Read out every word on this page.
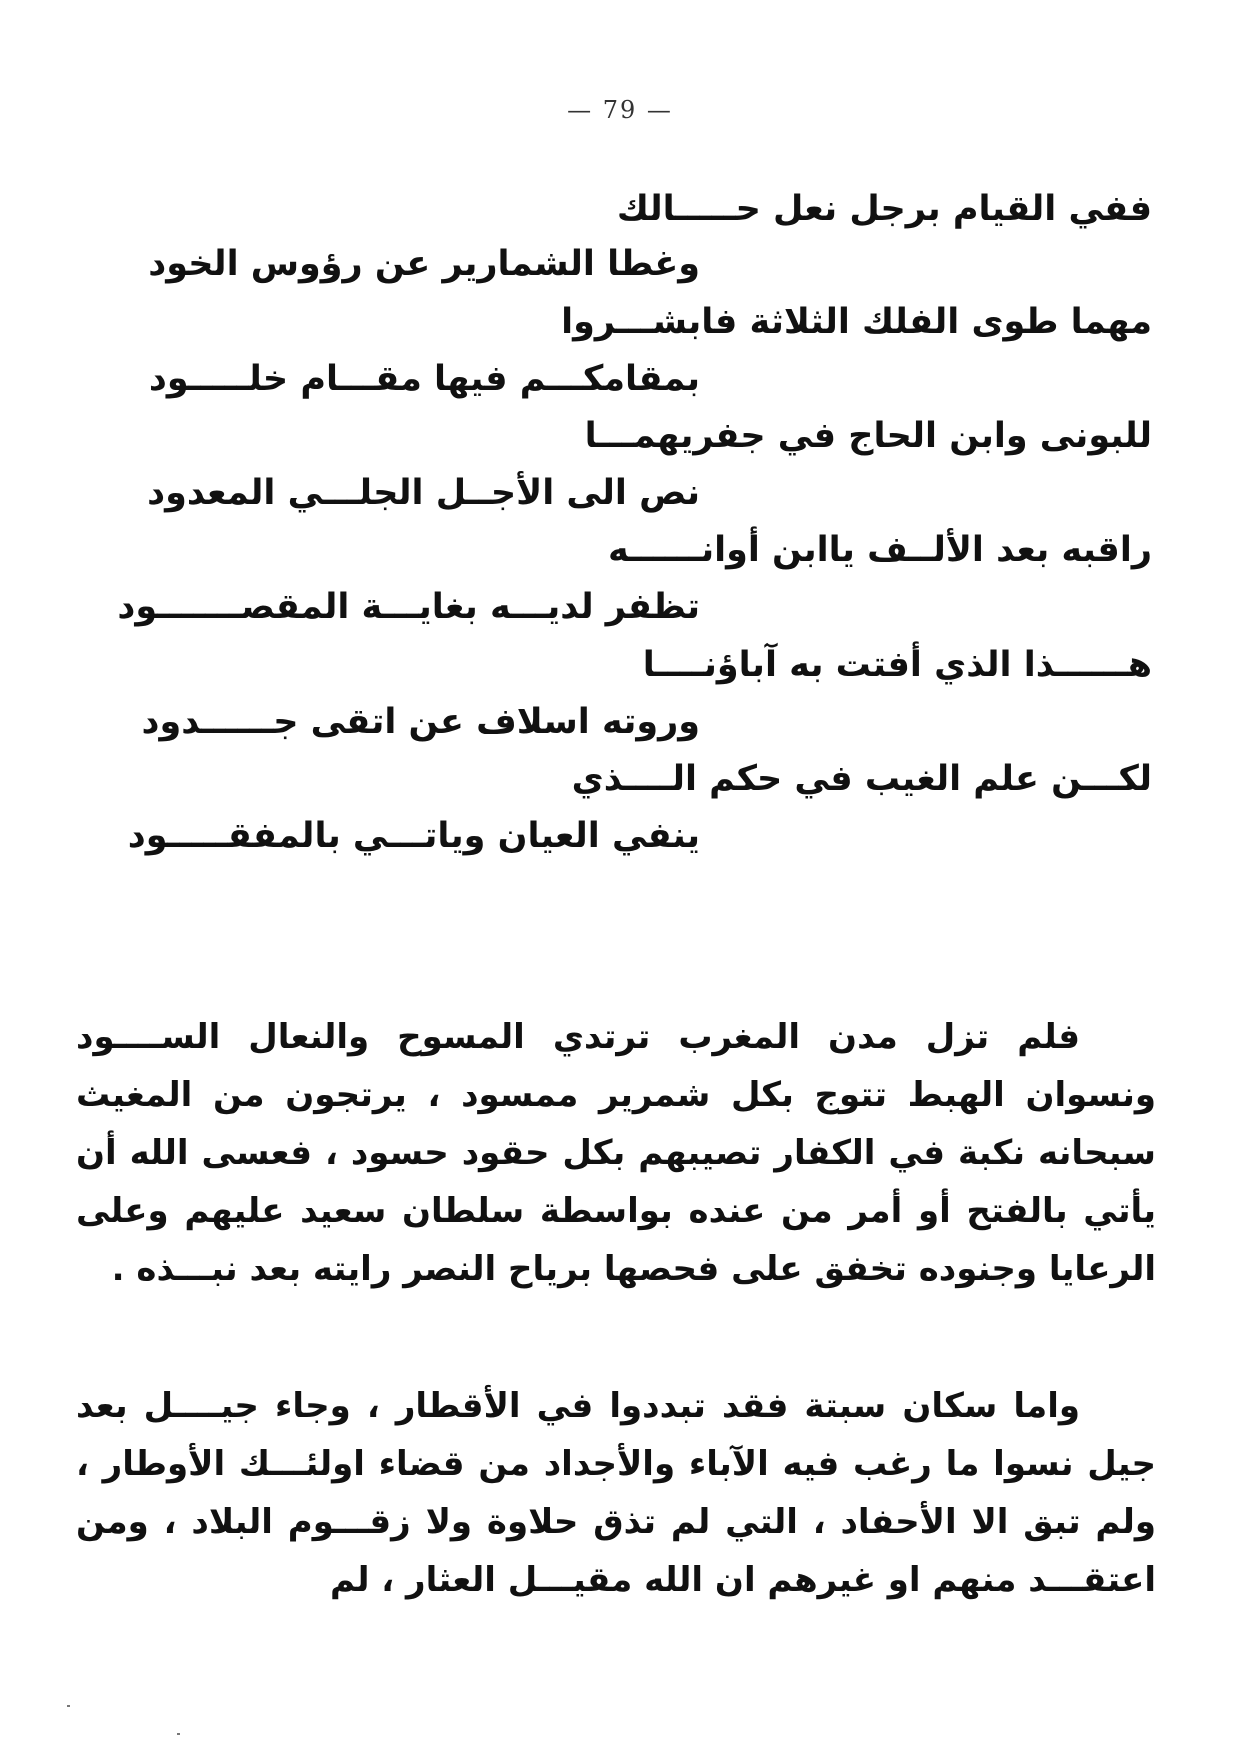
— 79 —
ففي القيام برجل نعل حـــــالك
وغطا الشمارير عن رؤوس الخود
مهما طوى الفلك الثلاثة فابشـــروا
بمقامكـــم فيها مقـــام خلـــــود
للبونى وابن الحاج في جفريهمـــا
نص الى الأجــل الجلـــي المعدود
راقبه بعد الألــف ياابن أوانــــــه
تظفر لديـــه بغايـــة المقصـــــــود
هــــــذا الذي أفتت به آباؤنــــا
وروته اسلاف عن اتقى جــــــدود
لكـــن علم الغيب في حكم الــــذي
ينفي العيان وياتـــي بالمفقـــــود

فلم تزل مدن المغرب ترتدي المسوح والنعال الســــود ونسوان الهبط تتوج بكل شمرير ممسود ، يرتجون من المغيث سبحانه نكبة في الكفار تصيبهم بكل حقود حسود ، فعسى الله أن يأتي بالفتح أو أمر من عنده بواسطة سلطان سعيد عليهم وعلى الرعايا وجنوده تخفق على فحصها برياح النصر رايته بعد نبـــذه .

واما سكان سبتة فقد تبددوا في الأقطار ، وجاء جيــــل بعد جيل نسوا ما رغب فيه الآباء والأجداد من قضاء اولئـــك الأوطار ، ولم تبق الا الأحفاد ، التي لم تذق حلاوة ولا زقـــوم البلاد ، ومن اعتقـــد منهم او غيرهم ان الله مقيـــل العثار ، لم
